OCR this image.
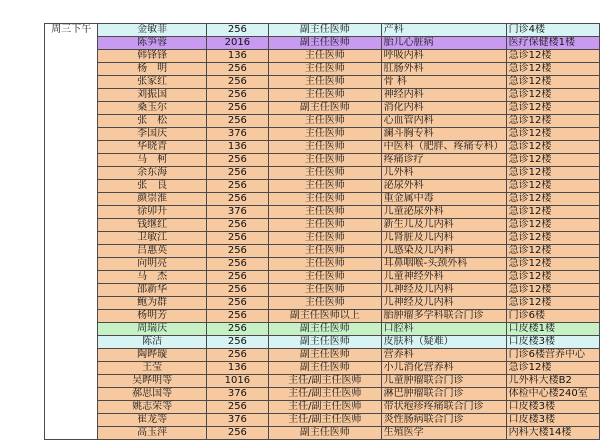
周三下午	金敏菲	256	副主任医师	产科	门诊4楼
	陈笋蓉	2016	副主任医师	胎儿心脏病	医疗保健楼1楼
	韩锋锋	136	主任医师	呼吸内科	急诊12楼
	杨　明	256	主任医师	肛肠外科	急诊12楼
	张家红	256	主任医师	骨 科	急诊12楼
	刘振国	256	主任医师	神经内科	急诊12楼
	桑玉尔	256	副主任医师	消化内科	急诊12楼
	张　松	256	主任医师	心血管内科	急诊12楼
	李国庆	376	主任医师	澜斗胸专科	急诊12楼
	华晓青	136	主任医师	中医科（肥胖、疼痛专科）	急诊12楼
	马　柯	256	主任医师	疼痛诊疗	急诊12楼
	余东海	256	主任医师	儿外科	急诊12楼
	张　良	256	主任医师	泌尿外科	急诊12楼
	颜崇淮	256	主任医师	重金属中毒	急诊12楼
	徐卯升	376	主任医师	儿童泌尿外科	急诊12楼
	钱继红	256	主任医师	新生儿及儿内科	急诊12楼
	卫敏江	256	主任医师	儿肾脏及儿内科	急诊12楼
	吕惠英	256	主任医师	儿感染及儿内科	急诊12楼
	向明亮	256	主任医师	耳鼻咽喉-头颈外科	急诊12楼
	马　杰	256	主任医师	儿童神经外科	急诊12楼
	邵新华	256	主任医师	儿神经及儿内科	急诊12楼
	鲍为群	256	主任医师	儿神经及儿内科	急诊12楼
	杨明芳	256	副主任医师以上	胎肿瘤多学科联合门诊	门诊6楼
	周瑞庆	256	副主任医师	口腔科	口皮楼1楼
	陈洁	256	副主任医师	皮肤科（疑难）	口皮楼3楼
	陶晔璇	256	副主任医师	营养科	门诊6楼营养中心
	王莹	136	副主任医师	小儿消化营养科	急诊12楼
	吴晔明等	1016	主任/副主任医师	儿童肿瘤联合门诊	儿外科大楼B2
	郝思国等	376	主任/副主任医师	淋巴肿瘤联合门诊	体检中心楼240室
	姚志荣等	256	主任/副主任医师	带状疱疹疼痛联合门诊	口皮楼3楼
	崔龙等	376	主任/副主任医师	炎性肠病联合门诊	口皮楼3楼
	高玉萍	256	副主任医师	生殖医学	内科大楼14楼
